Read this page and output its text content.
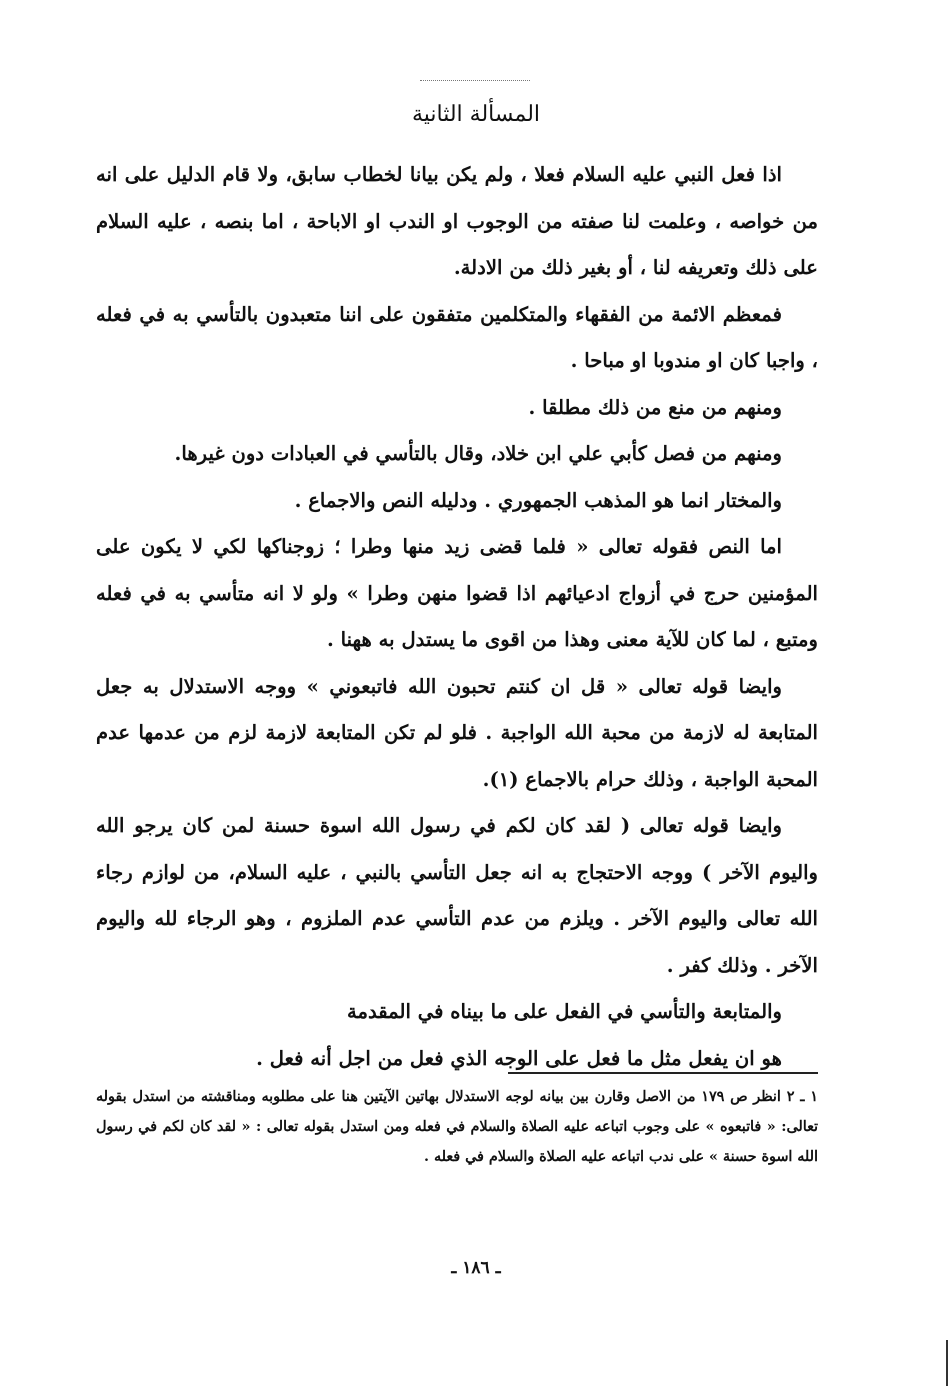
المسألة الثانية

اذا فعل النبي عليه السلام فعلا ، ولم يكن بيانا لخطاب سابق، ولا قام الدليل على انه من خواصه ، وعلمت لنا صفته من الوجوب او الندب او الاباحة ، اما بنصه ، عليه السلام على ذلك وتعريفه لنا ، أو بغير ذلك من الادلة.

فمعظم الائمة من الفقهاء والمتكلمين متفقون على اننا متعبدون بالتأسي به في فعله ، واجبا كان او مندوبا او مباحا .

ومنهم من منع من ذلك مطلقا .

ومنهم من فصل كأبي علي ابن خلاد، وقال بالتأسي في العبادات دون غيرها.

والمختار انما هو المذهب الجمهوري . ودليله النص والاجماع .

اما النص فقوله تعالى « فلما قضى زيد منها وطرا ؛ زوجناكها لكي لا يكون على المؤمنين حرج في أزواج ادعيائهم اذا قضوا منهن وطرا » ولو لا انه متأسي به في فعله ومتبع ، لما كان للآية معنى وهذا من اقوى ما يستدل به ههنا .

وايضا قوله تعالى « قل ان كنتم تحبون الله فاتبعوني » ووجه الاستدلال به جعل المتابعة له لازمة من محبة الله الواجبة . فلو لم تكن المتابعة لازمة لزم من عدمها عدم المحبة الواجبة ، وذلك حرام بالاجماع (١).

وايضا قوله تعالى ( لقد كان لكم في رسول الله اسوة حسنة لمن كان يرجو الله واليوم الآخر ) ووجه الاحتجاج به انه جعل التأسي بالنبي ، عليه السلام، من لوازم رجاء الله تعالى واليوم الآخر . ويلزم من عدم التأسي عدم الملزوم ، وهو الرجاء لله واليوم الآخر . وذلك كفر .

والمتابعة والتأسي في الفعل على ما بيناه في المقدمة

هو ان يفعل مثل ما فعل على الوجه الذي فعل من اجل أنه فعل .

١ ـ ٢ انظر ص ١٧٩ من الاصل وقارن بين بيانه لوجه الاستدلال بهاتين الآيتين هنا على مطلوبه ومناقشته من استدل بقوله تعالى: « فاتبعوه » على وجوب اتباعه عليه الصلاة والسلام في فعله ومن استدل بقوله تعالى : « لقد كان لكم في رسول الله اسوة حسنة » على ندب اتباعه عليه الصلاة والسلام في فعله .

ـ ١٨٦ ـ
